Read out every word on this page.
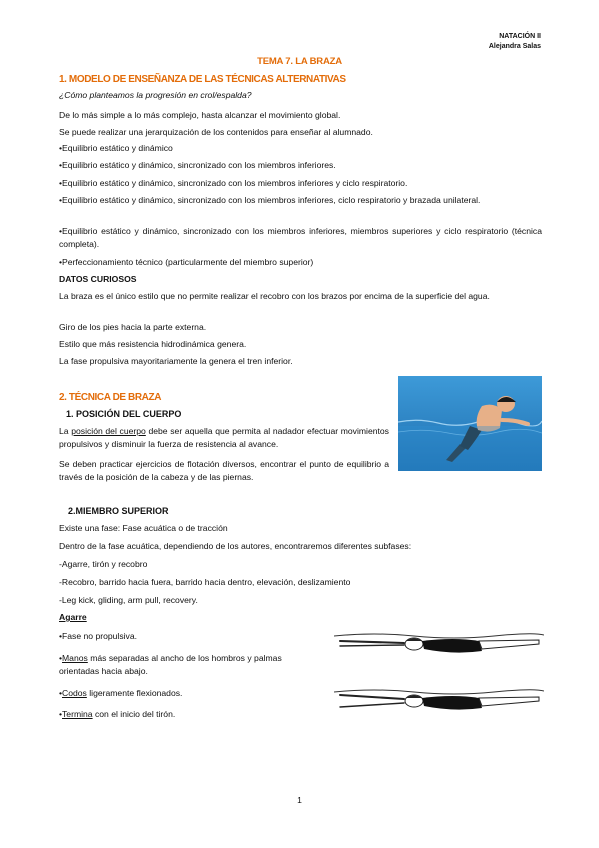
NATACIÓN II
Alejandra Salas
TEMA 7. LA BRAZA
1. MODELO DE ENSEÑANZA DE LAS TÉCNICAS ALTERNATIVAS
¿Cómo planteamos la progresión en crol/espalda?
De lo más simple a lo más complejo, hasta alcanzar el movimiento global.
Se puede realizar una jerarquización de los contenidos para enseñar al alumnado.
•Equilibrio estático y dinámico
•Equilibrio estático y dinámico, sincronizado con los miembros inferiores.
•Equilibrio estático y dinámico, sincronizado con los miembros inferiores y ciclo respiratorio.
•Equilibrio estático y dinámico, sincronizado con los miembros inferiores, ciclo respiratorio y brazada unilateral.
•Equilibrio estático y dinámico, sincronizado con los miembros inferiores, miembros superiores y ciclo respiratorio (técnica completa).
•Perfeccionamiento técnico (particularmente del miembro superior)
DATOS CURIOSOS
La braza es el único estilo que no permite realizar el recobro con los brazos por encima de la superficie del agua.
Giro de los pies hacia la parte externa.
Estilo que más resistencia hidrodinámica genera.
La fase propulsiva mayoritariamente la genera el tren inferior.
2. TÉCNICA DE BRAZA
1. POSICIÓN DEL CUERPO
La posición del cuerpo debe ser aquella que permita al nadador efectuar movimientos propulsivos y disminuir la fuerza de resistencia al avance.
Se deben practicar ejercicios de flotación diversos, encontrar el punto de equilibrio a través de la posición de la cabeza y de las piernas.
2.MIEMBRO SUPERIOR
Existe una fase: Fase acuática o de tracción
Dentro de la fase acuática, dependiendo de los autores, encontraremos diferentes subfases:
-Agarre, tirón y recobro
-Recobro, barrido hacia fuera, barrido hacia dentro, elevación, deslizamiento
-Leg kick, gliding, arm pull, recovery.
Agarre
•Fase no propulsiva.
•Manos más separadas al ancho de los hombros y palmas orientadas hacia abajo.
•Codos ligeramente flexionados.
•Termina con el inicio del tirón.
1
